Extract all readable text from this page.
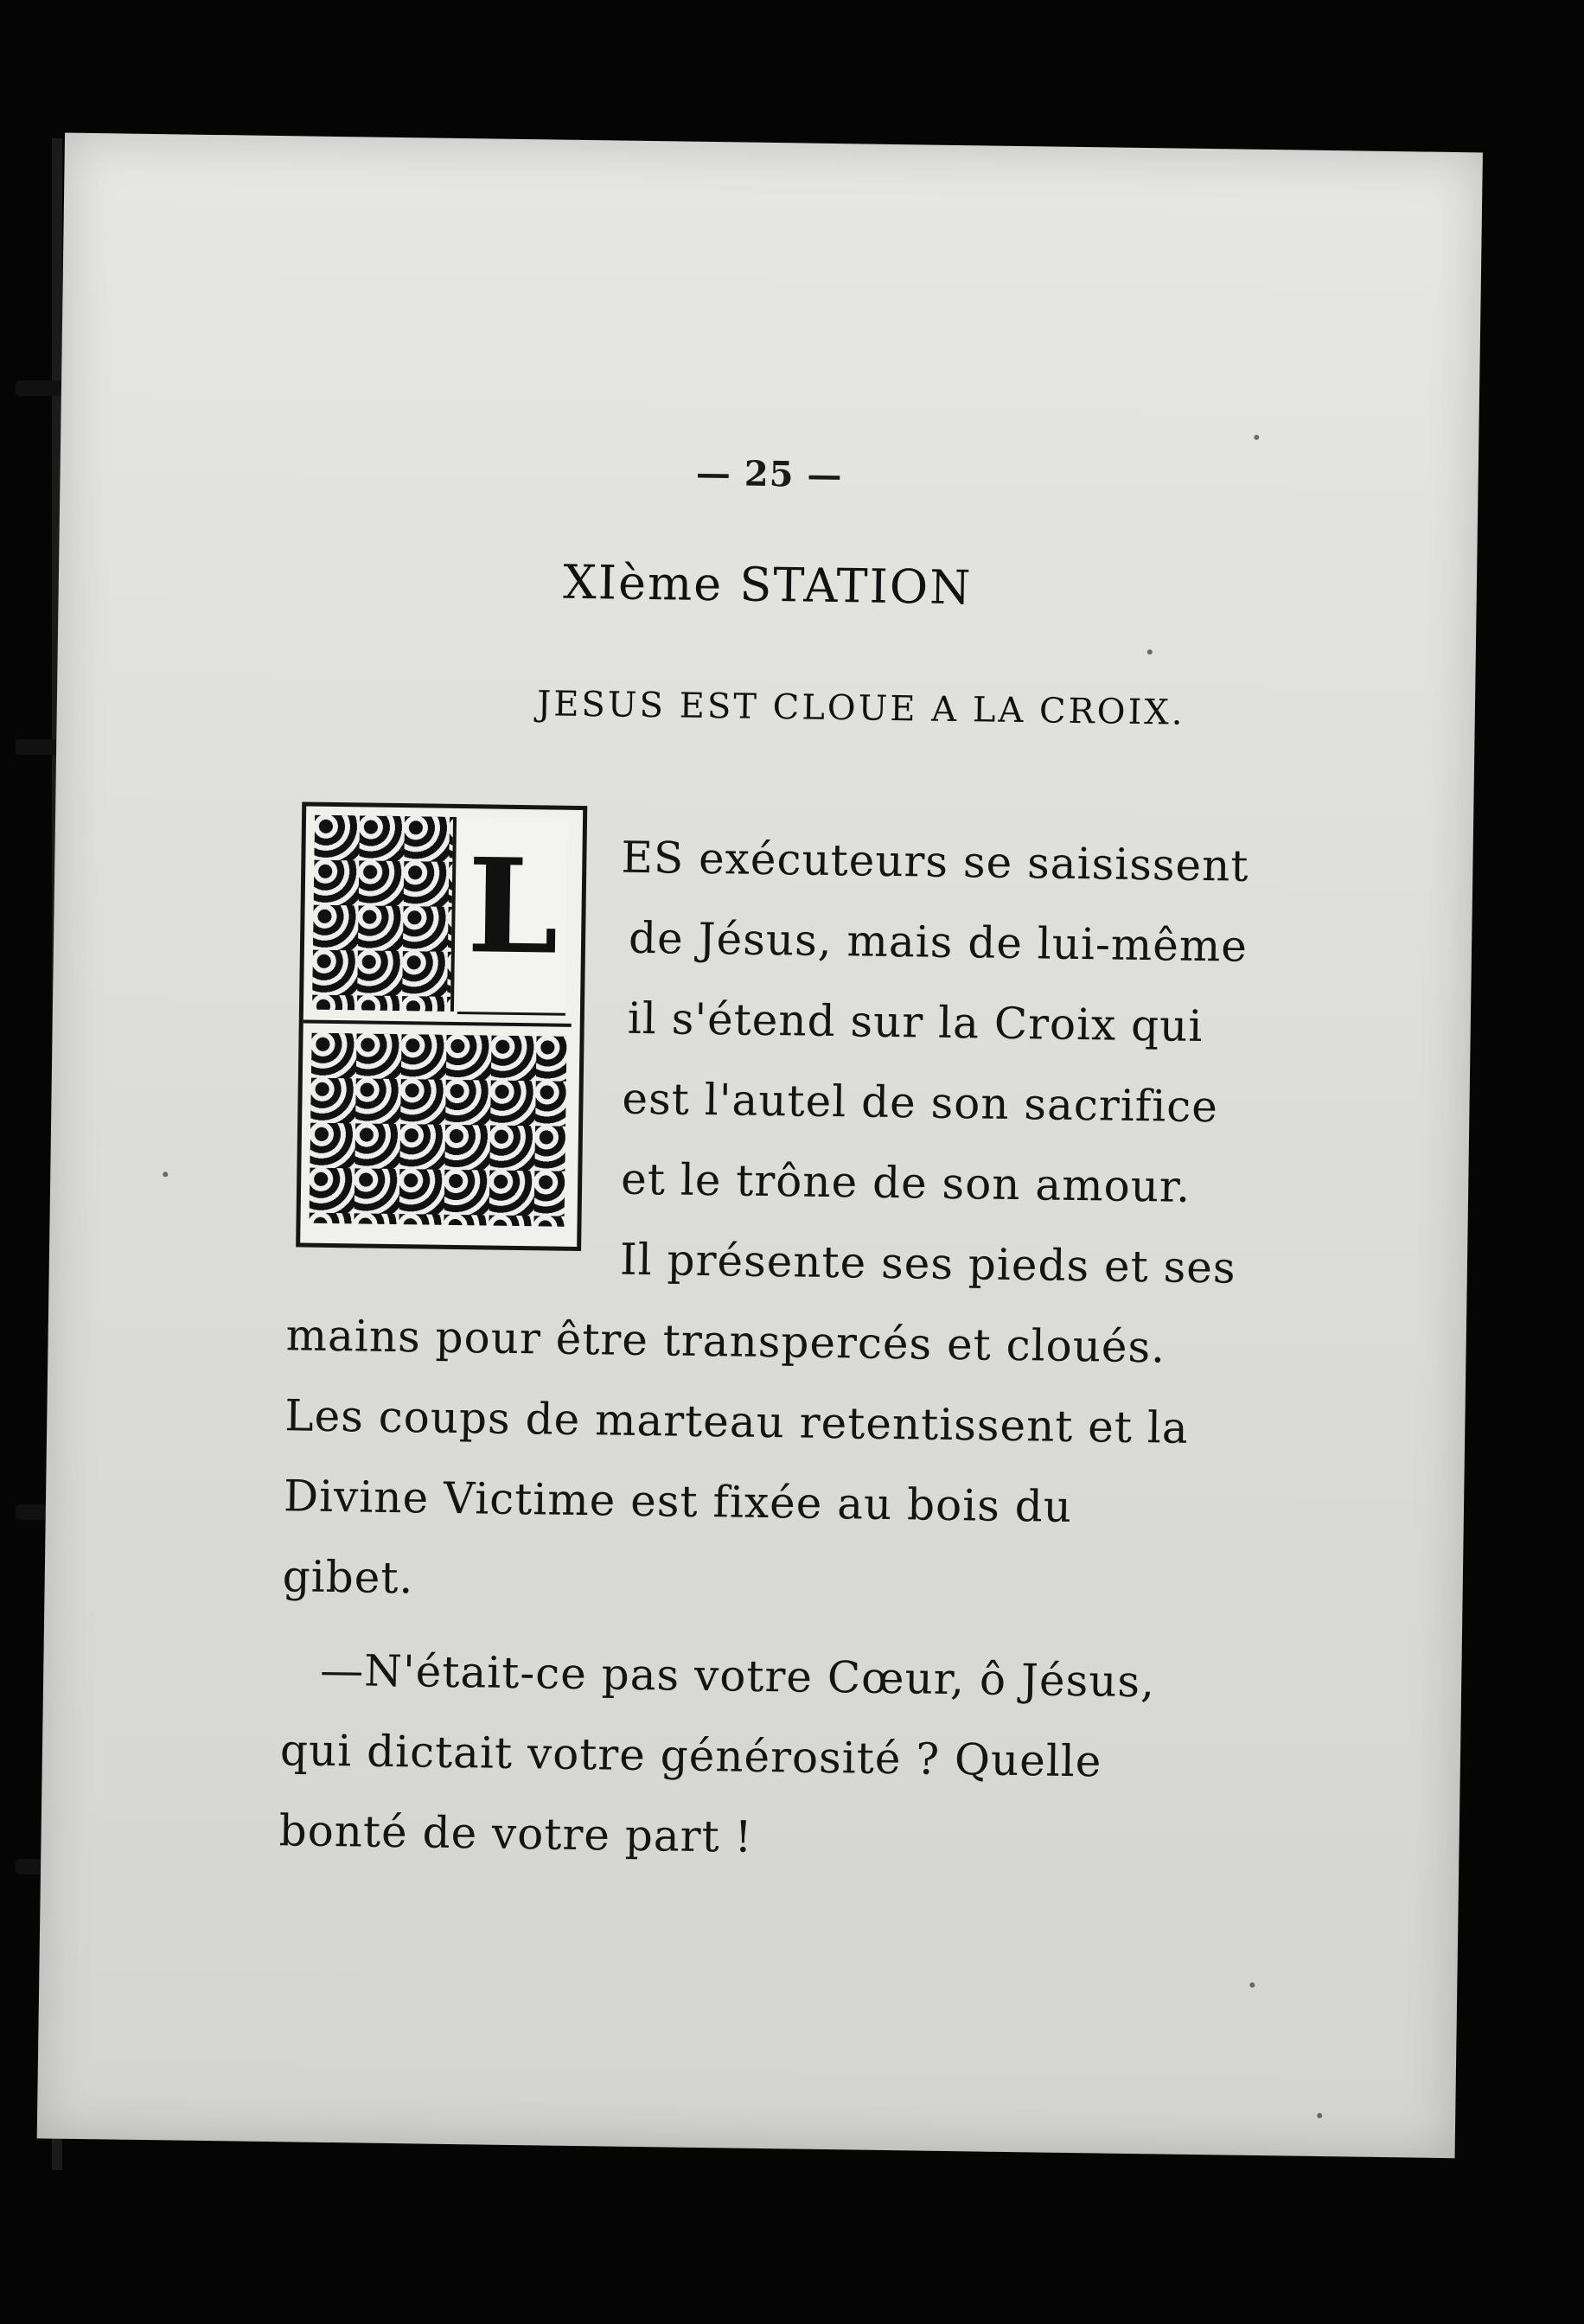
— 25 —
XIème STATION
JESUS EST CLOUE A LA CROIX.
L ES exécuteurs se saisissent
de Jésus, mais de lui-même
il s'étend sur la Croix qui
est l'autel de son sacrifice
et le trône de son amour.
Il présente ses pieds et ses
mains pour être transpercés et cloués.
Les coups de marteau retentissent et la
Divine Victime est fixée au bois du
gibet.
—N'était-ce pas votre Cœur, ô Jésus,
qui dictait votre générosité ? Quelle
bonté de votre part !
